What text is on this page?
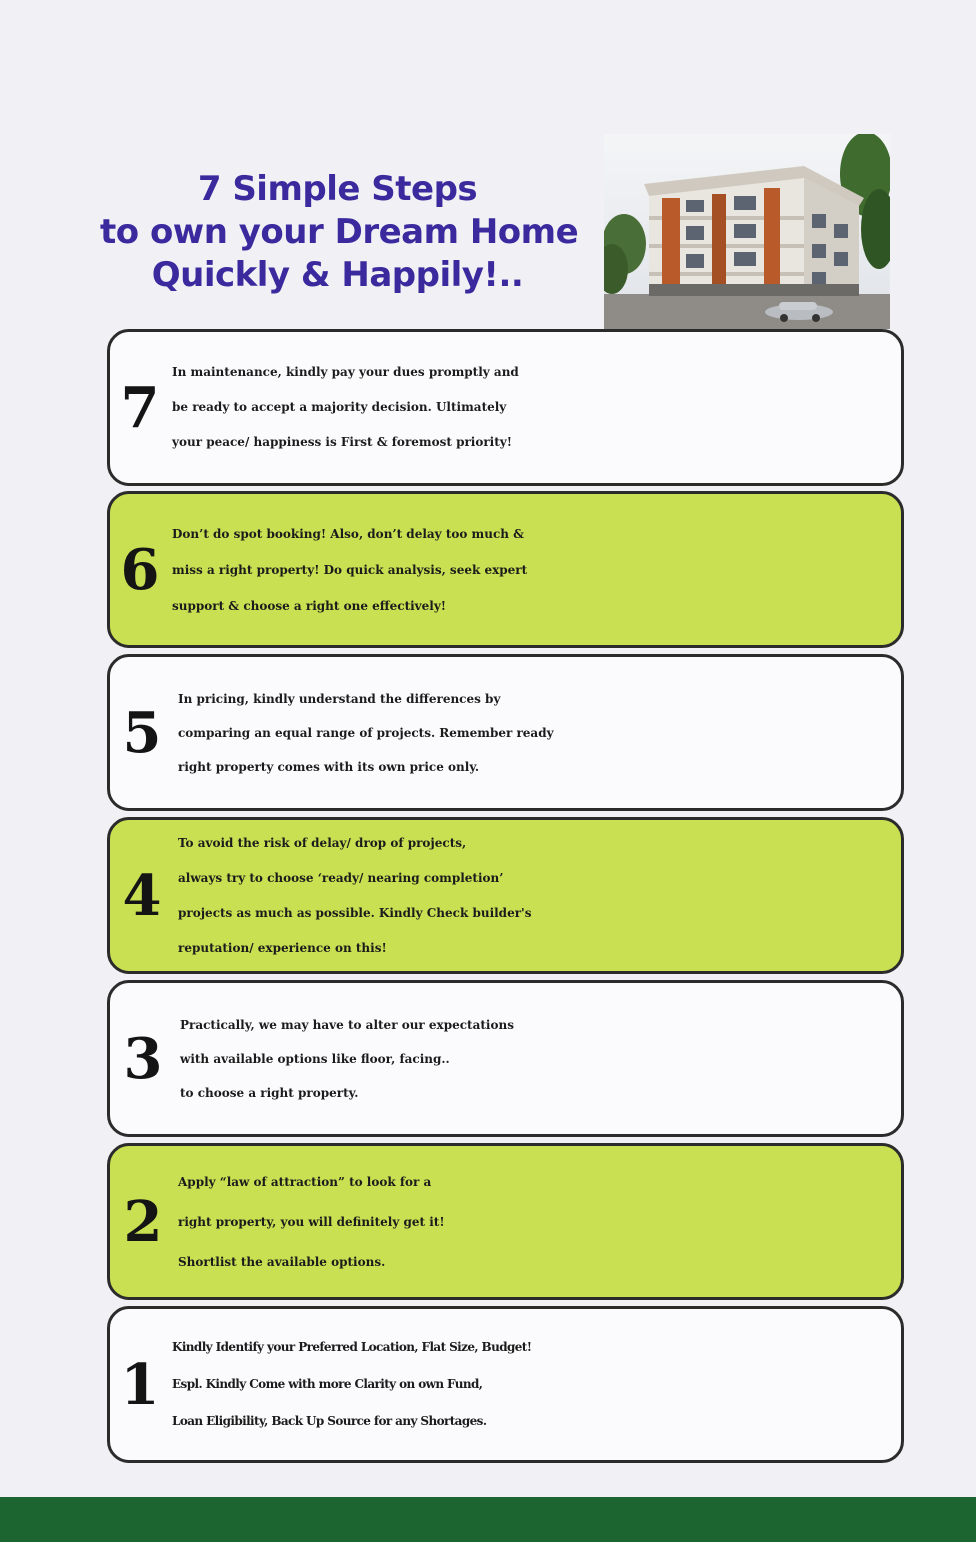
7 Simple Steps
to own your Dream Home
Quickly & Happily!..
7
In maintenance, kindly pay your dues promptly and
be ready to accept a majority decision. Ultimately
your peace/ happiness is First & foremost priority!
6
Don’t do spot booking! Also, don’t delay too much &
miss a right property! Do quick analysis, seek expert
support & choose a right one effectively!
5
In pricing, kindly understand the differences by
comparing an equal range of projects. Remember ready
right property comes with its own price only.
4
To avoid the risk of delay/ drop of projects,
always try to choose ‘ready/ nearing completion’
projects as much as possible. Kindly Check builder's
reputation/ experience on this!
3
Practically, we may have to alter our expectations
with available options like floor, facing..
to choose a right property.
2
Apply “law of attraction” to look for a
right property, you will definitely get it!
Shortlist the available options.
1
Kindly Identify your Preferred Location, Flat Size, Budget!
Espl. Kindly Come with more Clarity on own Fund,
Loan Eligibility, Back Up Source for any Shortages.
